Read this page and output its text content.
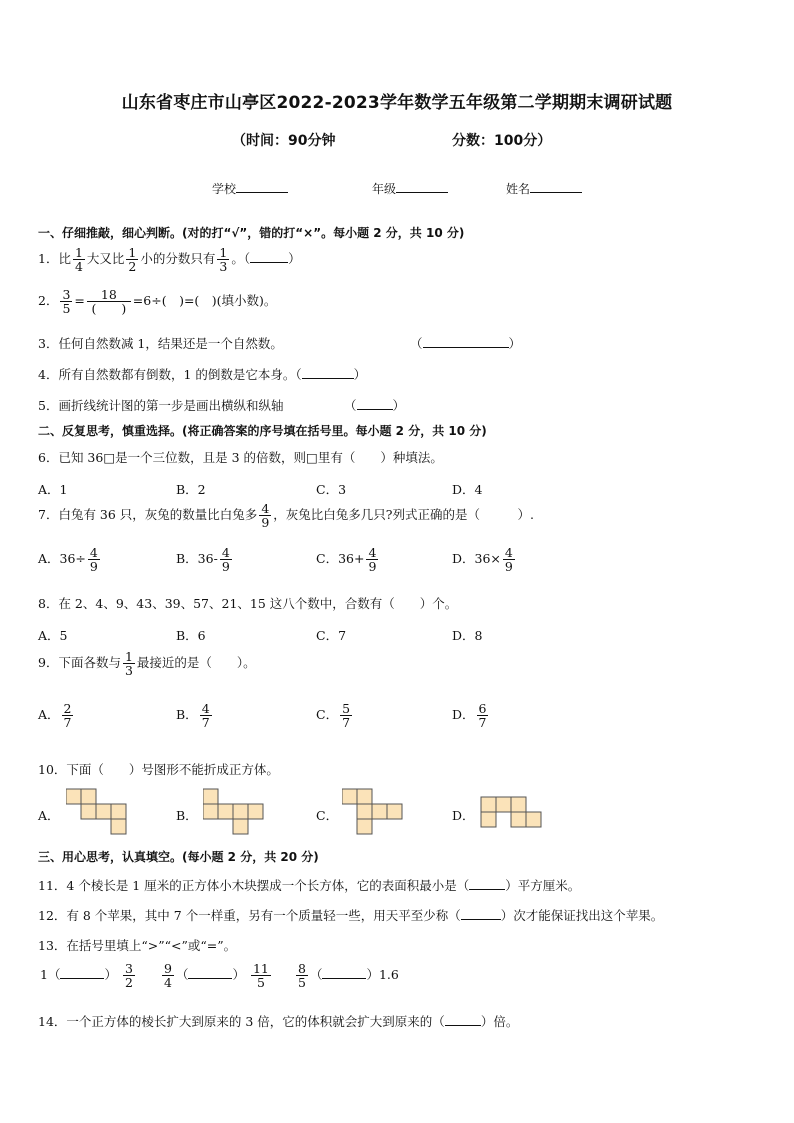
山东省枣庄市山亭区2022-2023学年数学五年级第二学期期末调研试题
（时间：90分钟	分数：100分）
学校	年级	姓名
一、仔细推敲，细心判断。(对的打“√”，错的打“×”。每小题 2 分，共 10 分)
1．比 $\frac{1}{4}$ 大又比 $\frac{1}{2}$ 小的分数只有 $\frac{1}{3}$ 。（	）
2． $\frac{3}{5} = \frac{18}{( )} =6\div$(　)=(　)(填小数)。
3．任何自然数减 1，结果还是一个自然数。	（	）
4．所有自然数都有倒数，1 的倒数是它本身。（	）
5．画折线统计图的第一步是画出横纵和纵轴	（	）
二、反复思考，慎重选择。(将正确答案的序号填在括号里。每小题 2 分，共 10 分)
6．已知 36□是一个三位数，且是 3 的倍数，则□里有（　　）种填法。
A．1	B．2	C．3	D．4
7．白兔有 36 只，灰兔的数量比白兔多 $\frac{4}{9}$ ，灰兔比白兔多几只?列式正确的是（　　　）.
A．$36\div \frac{4}{9}$	B．$36- \frac{4}{9}$	C．$36+ \frac{4}{9}$	D．$36\times \frac{4}{9}$
8．在 2、4、9、43、39、57、21、15 这八个数中，合数有（　　）个。
A．5	B．6	C．7	D．8
9．下面各数与 $\frac{1}{3}$ 最接近的是（　　）。
A． $\frac{2}{7}$	B． $\frac{4}{7}$	C． $\frac{5}{7}$	D． $\frac{6}{7}$
10．下面（　　）号图形不能折成正方体。
A．	B．	C．	D．
三、用心思考，认真填空。(每小题 2 分，共 20 分)
11．4 个棱长是 1 厘米的正方体小木块摆成一个长方体，它的表面积最小是（	）平方厘米。
12．有 8 个苹果，其中 7 个一样重，另有一个质量轻一些，用天平至少称（	）次才能保证找出这个苹果。
13．在括号里填上“>”“<”或“=”。
1（	） $\frac{3}{2} \frac{9}{4}$ （	） $\frac{11}{5} \frac{8}{5}$ （	）1.6
14．一个正方体的棱长扩大到原来的 3 倍，它的体积就会扩大到原来的（	）倍。
